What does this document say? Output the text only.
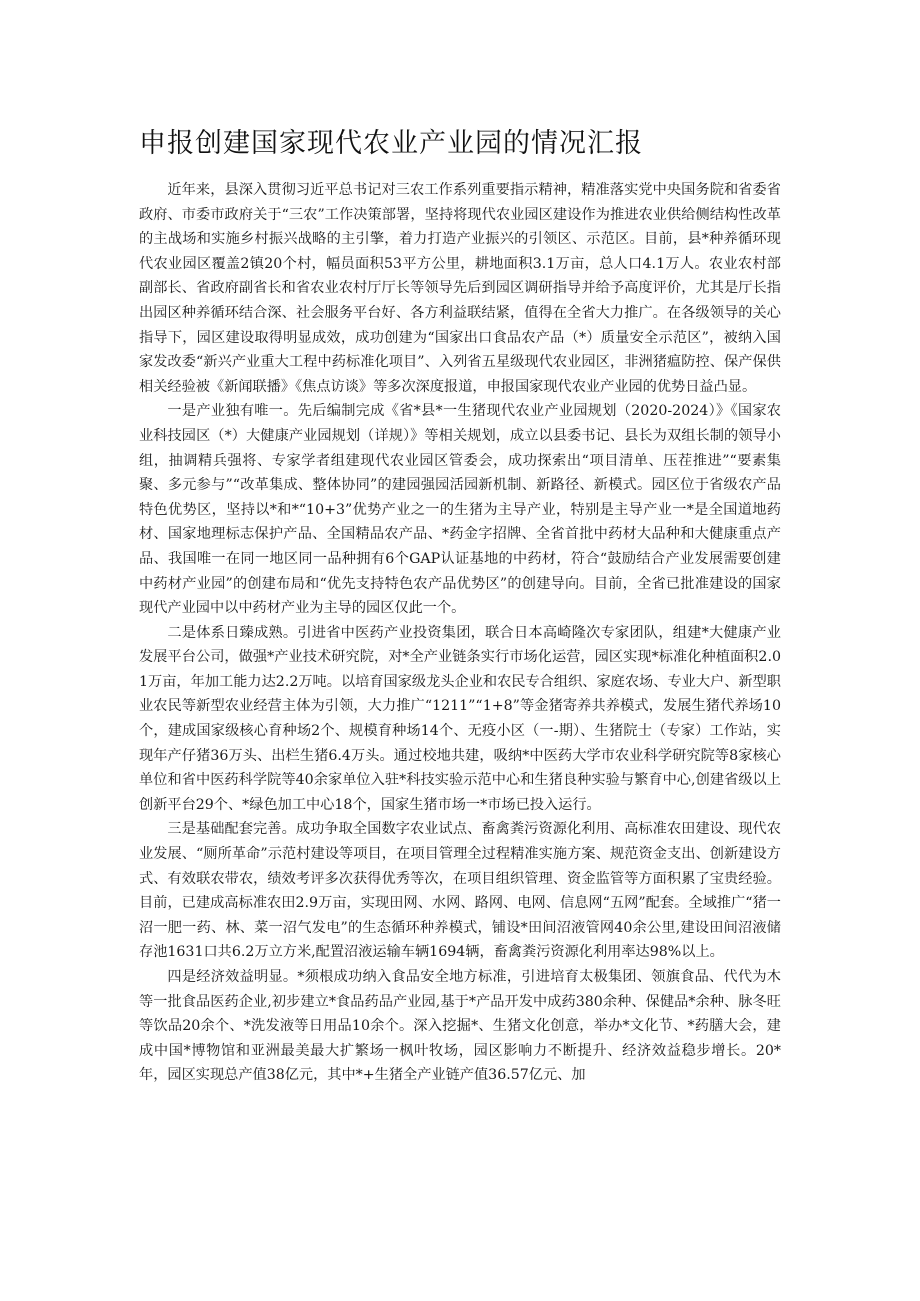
申报创建国家现代农业产业园的情况汇报

近年来，县深入贯彻习近平总书记对三农工作系列重要指示精神，精准落实党中央国务院和省委省政府、市委市政府关于“三农”工作决策部署，坚持将现代农业园区建设作为推进农业供给侧结构性改革的主战场和实施乡村振兴战略的主引擎，着力打造产业振兴的引领区、示范区。目前，县*种养循环现代农业园区覆盖2镇20个村，幅员面积53平方公里，耕地面积3.1万亩，总人口4.1万人。农业农村部副部长、省政府副省长和省农业农村厅厅长等领导先后到园区调研指导并给予高度评价，尤其是厅长指出园区种养循环结合深、社会服务平台好、各方利益联结紧，值得在全省大力推广。在各级领导的关心指导下，园区建设取得明显成效，成功创建为“国家出口食品农产品（*）质量安全示范区”，被纳入国家发改委“新兴产业重大工程中药标准化项目”、入列省五星级现代农业园区，非洲猪瘟防控、保产保供相关经验被《新闻联播》《焦点访谈》等多次深度报道，申报国家现代农业产业园的优势日益凸显。

一是产业独有唯一。先后编制完成《省*县*一生猪现代农业产业园规划（2020-2024）》《国家农业科技园区（*）大健康产业园规划（详规）》等相关规划，成立以县委书记、县长为双组长制的领导小组，抽调精兵强将、专家学者组建现代农业园区管委会，成功探索出“项目清单、压茬推进”“要素集聚、多元参与”“改革集成、整体协同”的建园强园活园新机制、新路径、新模式。园区位于省级农产品特色优势区，坚持以*和*“10+3”优势产业之一的生猪为主导产业，特别是主导产业一*是全国道地药材、国家地理标志保护产品、全国精品农产品、*药金字招牌、全省首批中药材大品种和大健康重点产品、我国唯一在同一地区同一品种拥有6个GAP认证基地的中药材，符合“鼓励结合产业发展需要创建中药材产业园”的创建布局和“优先支持特色农产品优势区”的创建导向。目前，全省已批准建设的国家现代产业园中以中药材产业为主导的园区仅此一个。

二是体系日臻成熟。引进省中医药产业投资集团，联合日本高崎隆次专家团队，组建*大健康产业发展平台公司，做强*产业技术研究院，对*全产业链条实行市场化运营，园区实现*标准化种植面积2.01万亩，年加工能力达2.2万吨。以培育国家级龙头企业和农民专合组织、家庭农场、专业大户、新型职业农民等新型农业经营主体为引领，大力推广“1211”“1+8”等金猪寄养共养模式，发展生猪代养场10个，建成国家级核心育种场2个、规模育种场14个、无疫小区（一-期）、生猪院士（专家）工作站，实现年产仔猪36万头、出栏生猪6.4万头。通过校地共建，吸纳*中医药大学市农业科学研究院等8家核心单位和省中医药科学院等40余家单位入驻*科技实验示范中心和生猪良种实验与繁育中心,创建省级以上创新平台29个、*绿色加工中心18个，国家生猪市场一*市场已投入运行。

三是基础配套完善。成功争取全国数字农业试点、畜禽粪污资源化利用、高标准农田建设、现代农业发展、“厕所革命”示范村建设等项目，在项目管理全过程精准实施方案、规范资金支出、创新建设方式、有效联农带农，绩效考评多次获得优秀等次，在项目组织管理、资金监管等方面积累了宝贵经验。目前，已建成高标准农田2.9万亩，实现田网、水网、路网、电网、信息网“五网”配套。全域推广“猪一沼一肥一药、林、菜一沼气发电”的生态循环种养模式，铺设*田间沼液管网40余公里,建设田间沼液储存池1631口共6.2万立方米,配置沼液运输车辆1694辆，畜禽粪污资源化利用率达98%以上。

四是经济效益明显。*须根成功纳入食品安全地方标准，引进培育太极集团、领旗食品、代代为木等一批食品医药企业,初步建立*食品药品产业园,基于*产品开发中成药380余种、保健品*余种、脉冬旺等饮品20余个、*洗发液等日用品10余个。深入挖掘*、生猪文化创意，举办*文化节、*药膳大会，建成中国*博物馆和亚洲最美最大扩繁场一枫叶牧场，园区影响力不断提升、经济效益稳步增长。20*年，园区实现总产值38亿元，其中*+生猪全产业链产值36.57亿元、加
